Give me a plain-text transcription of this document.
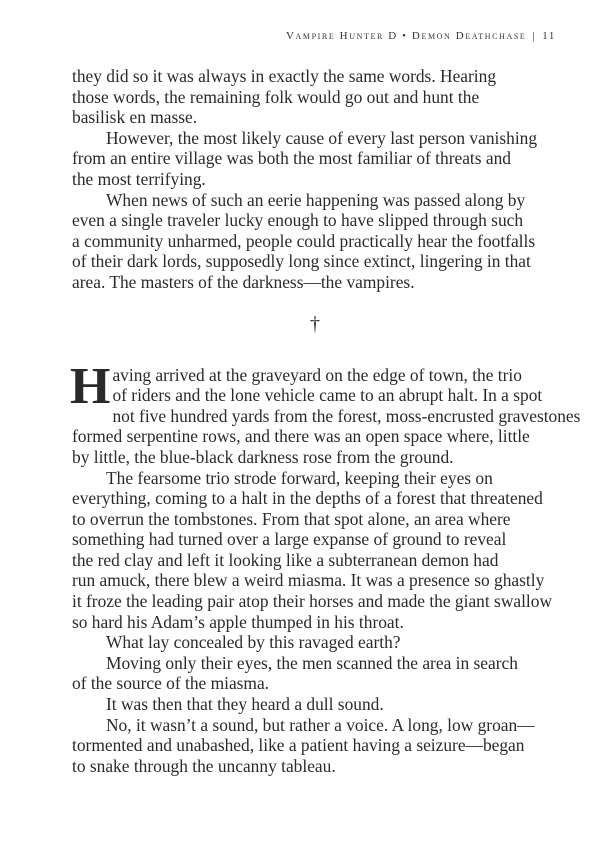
Vampire Hunter D • Demon Deathchase | 11
they did so it was always in exactly the same words. Hearing
those words, the remaining folk would go out and hunt the
basilisk en masse.
However, the most likely cause of every last person vanishing
from an entire village was both the most familiar of threats and
the most terrifying.
When news of such an eerie happening was passed along by
even a single traveler lucky enough to have slipped through such
a community unharmed, people could practically hear the footfalls
of their dark lords, supposedly long since extinct, lingering in that
area. The masters of the darkness—the vampires.
†
H aving arrived at the graveyard on the edge of town, the trio
of riders and the lone vehicle came to an abrupt halt. In a spot
not five hundred yards from the forest, moss-encrusted gravestones
formed serpentine rows, and there was an open space where, little
by little, the blue-black darkness rose from the ground.
The fearsome trio strode forward, keeping their eyes on
everything, coming to a halt in the depths of a forest that threatened
to overrun the tombstones. From that spot alone, an area where
something had turned over a large expanse of ground to reveal
the red clay and left it looking like a subterranean demon had
run amuck, there blew a weird miasma. It was a presence so ghastly
it froze the leading pair atop their horses and made the giant swallow
so hard his Adam’s apple thumped in his throat.
What lay concealed by this ravaged earth?
Moving only their eyes, the men scanned the area in search
of the source of the miasma.
It was then that they heard a dull sound.
No, it wasn’t a sound, but rather a voice. A long, low groan—
tormented and unabashed, like a patient having a seizure—began
to snake through the uncanny tableau.
